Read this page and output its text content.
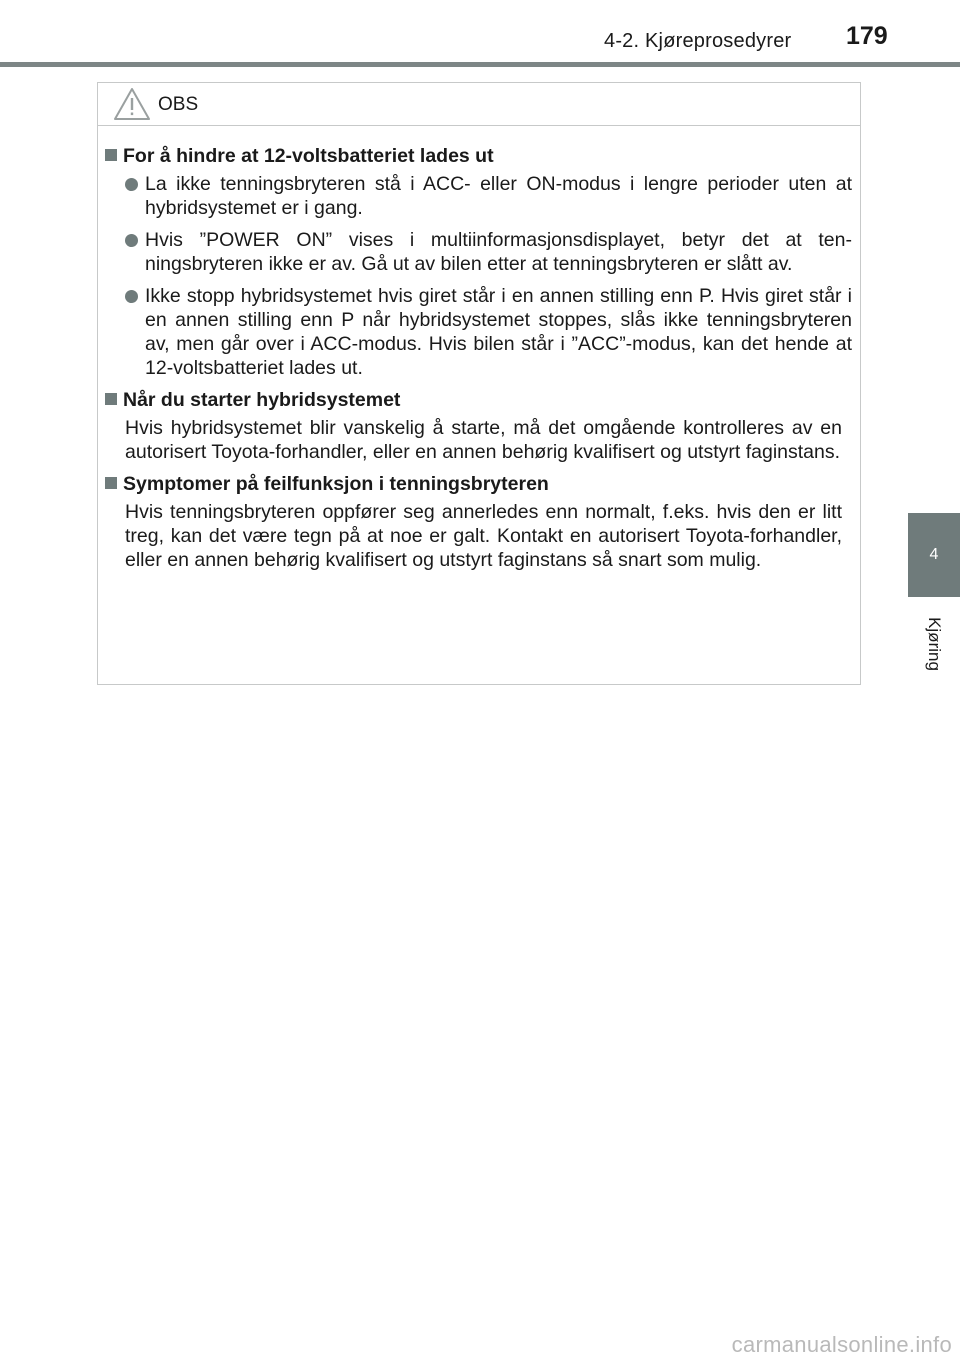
4-2. Kjøreprosedyrer 179
4
Kjøring
OBS
For å hindre at 12-voltsbatteriet lades ut
La ikke tenningsbryteren stå i ACC- eller ON-modus i lengre perioder uten at hybridsystemet er i gang.
Hvis ”POWER ON” vises i multiinformasjonsdisplayet, betyr det at ten-ningsbryteren ikke er av. Gå ut av bilen etter at tenningsbryteren er slått av.
Ikke stopp hybridsystemet hvis giret står i en annen stilling enn P. Hvis giret står i en annen stilling enn P når hybridsystemet stoppes, slås ikke tenningsbryteren av, men går over i ACC-modus. Hvis bilen står i ”ACC”-modus, kan det hende at 12-voltsbatteriet lades ut.
Når du starter hybridsystemet
Hvis hybridsystemet blir vanskelig å starte, må det omgående kontrolleres av en autorisert Toyota-forhandler, eller en annen behørig kvalifisert og utstyrt faginstans.
Symptomer på feilfunksjon i tenningsbryteren
Hvis tenningsbryteren oppfører seg annerledes enn normalt, f.eks. hvis den er litt treg, kan det være tegn på at noe er galt. Kontakt en autorisert Toyota-forhandler, eller en annen behørig kvalifisert og utstyrt faginstans så snart som mulig.
carmanualsonline.info
